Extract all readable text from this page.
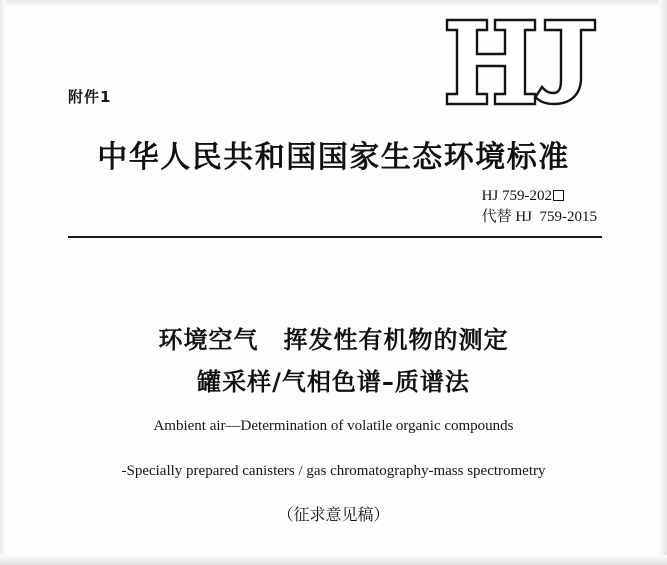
附件1
中华人民共和国国家生态环境标准
HJ 759-202
代替 HJ  759-2015
环境空气　挥发性有机物的测定
罐采样/气相色谱–质谱法
Ambient air—Determination of volatile organic compounds
-Specially prepared canisters / gas chromatography-mass spectrometry
（征求意见稿）
